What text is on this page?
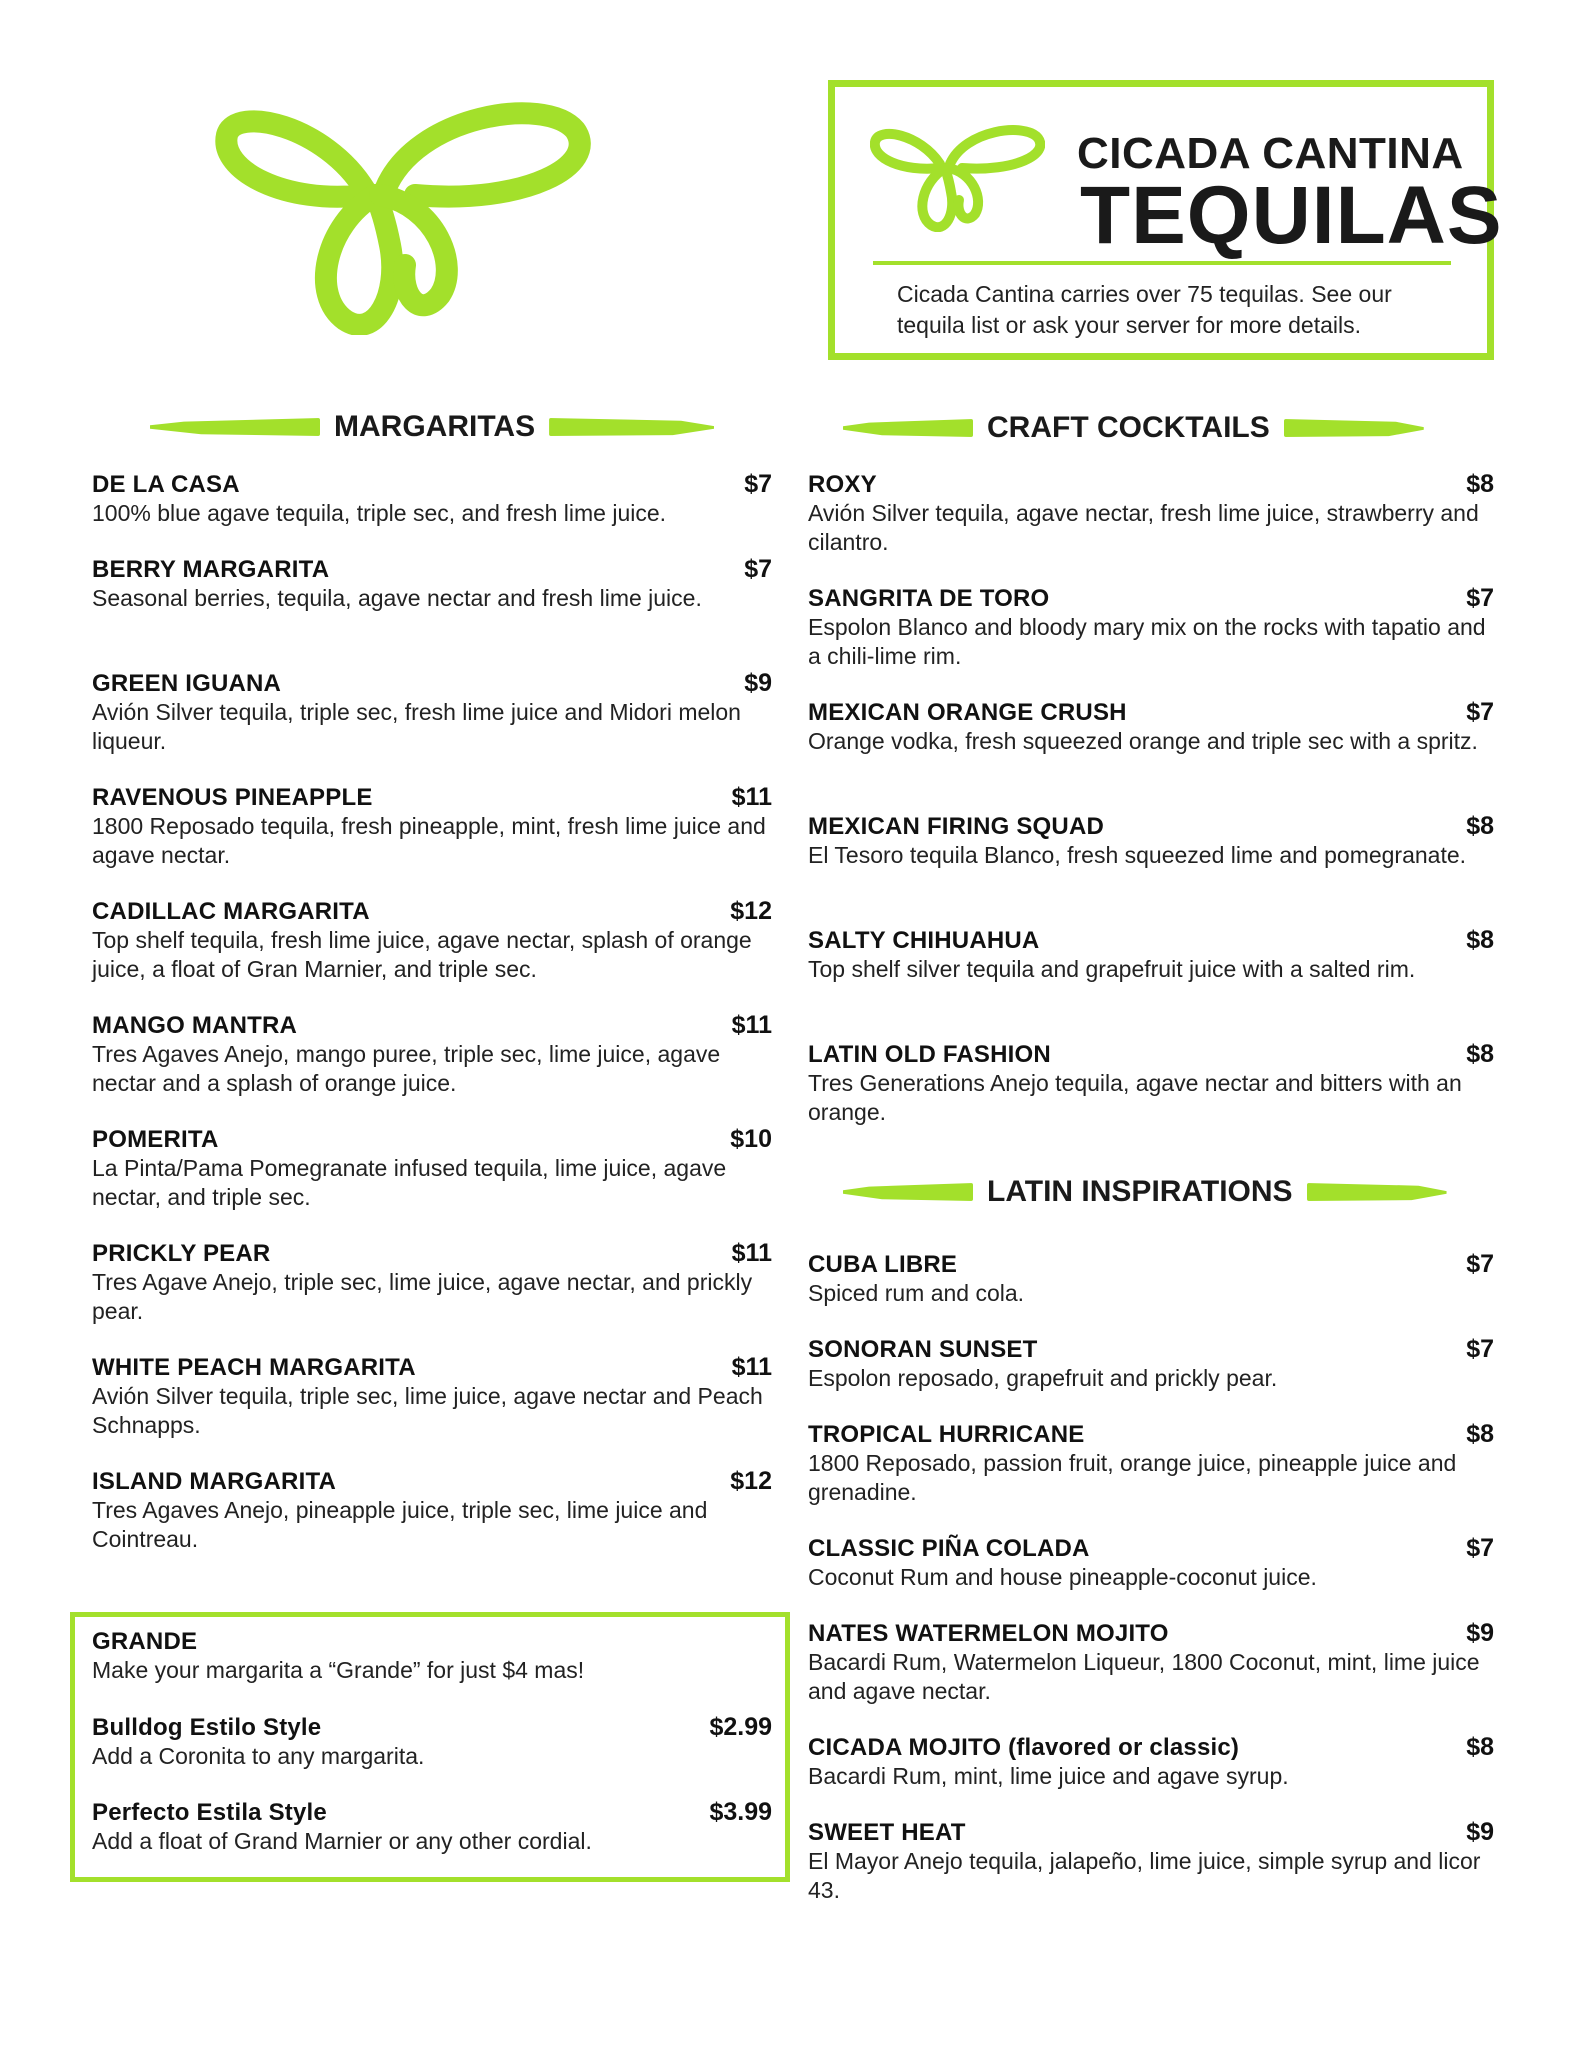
CICADA CANTINA
TEQUILAS
Cicada Cantina carries over 75 tequilas. See our tequila list or ask your server for more details.
MARGARITAS	CRAFT COCKTAILS
LATIN INSPIRATIONS
DE LA CASA	$7
100% blue agave tequila, triple sec, and fresh lime juice.
BERRY MARGARITA	$7
Seasonal berries, tequila, agave nectar and fresh lime juice.
GREEN IGUANA	$9
Avión Silver tequila, triple sec, fresh lime juice and Midori melon liqueur.
RAVENOUS PINEAPPLE	$11
1800 Reposado tequila, fresh pineapple, mint, fresh lime juice and agave nectar.
CADILLAC MARGARITA	$12
Top shelf tequila, fresh lime juice, agave nectar, splash of orange juice, a float of Gran Marnier, and triple sec.
MANGO MANTRA	$11
Tres Agaves Anejo, mango puree, triple sec, lime juice, agave nectar and a splash of orange juice.
POMERITA	$10
La Pinta/Pama Pomegranate infused tequila, lime juice, agave nectar, and triple sec.
PRICKLY PEAR	$11
Tres Agave Anejo, triple sec, lime juice, agave nectar, and prickly pear.
WHITE PEACH MARGARITA	$11
Avión Silver tequila, triple sec, lime juice, agave nectar and Peach Schnapps.
ISLAND MARGARITA	$12
Tres Agaves Anejo, pineapple juice, triple sec, lime juice and Cointreau.
GRANDE
Make your margarita a “Grande” for just $4 mas!
Bulldog Estilo Style	$2.99
Add a Coronita to any margarita.
Perfecto Estila Style	$3.99
Add a float of Grand Marnier or any other cordial.
ROXY	$8
Avión Silver tequila, agave nectar, fresh lime juice, strawberry and cilantro.
SANGRITA DE TORO	$7
Espolon Blanco and bloody mary mix on the rocks with tapatio and a chili-lime rim.
MEXICAN ORANGE CRUSH	$7
Orange vodka, fresh squeezed orange and triple sec with a spritz.
MEXICAN FIRING SQUAD	$8
El Tesoro tequila Blanco, fresh squeezed lime and pomegranate.
SALTY CHIHUAHUA	$8
Top shelf silver tequila and grapefruit juice with a salted rim.
LATIN OLD FASHION	$8
Tres Generations Anejo tequila, agave nectar and bitters with an orange.
CUBA LIBRE	$7
Spiced rum and cola.
SONORAN SUNSET	$7
Espolon reposado, grapefruit and prickly pear.
TROPICAL HURRICANE	$8
1800 Reposado, passion fruit, orange juice, pineapple juice and grenadine.
CLASSIC PIÑA COLADA	$7
Coconut Rum and house pineapple-coconut juice.
NATES WATERMELON MOJITO	$9
Bacardi Rum, Watermelon Liqueur, 1800 Coconut, mint, lime juice and agave nectar.
CICADA MOJITO (flavored or classic)	$8
Bacardi Rum, mint, lime juice and agave syrup.
SWEET HEAT	$9
El Mayor Anejo tequila, jalapeño, lime juice, simple syrup and licor 43.
